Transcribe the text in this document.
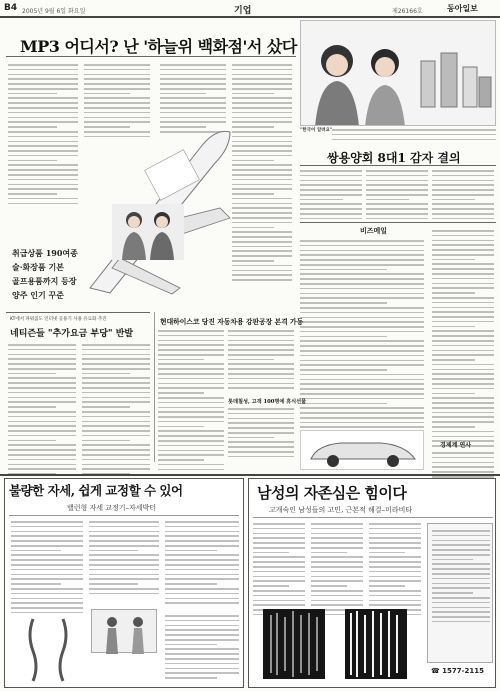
B4 2005년 9월 6일 화요일	기업	제26166호	동아일보
MP3 어디서? 난 '하늘위 백화점'서 샀다
취급상품 190여종
술·화장품 기본
골프용품까지 등장
양주 인기 꾸준
"한국어 알려요"
쌍용양회 8대1 감자 결의
비즈메일
경제계 연사
KT에서 파워콤도 인터넷 공용기 사용 유료화 추진
네티즌들 "추가요금 부당" 반발
현대하이스코 당진 자동차용 강판공장 본격 가동
롯데칠성, 고객 100명에 휴식선물
불량한 자세, 쉽게 교정할 수 있어
밸런형 자세 교정기–자세박터
남성의 자존심은 힘이다
고개숙인 남성들의 고민, 근본적 해결–미라비타
☎ 1577-2115
